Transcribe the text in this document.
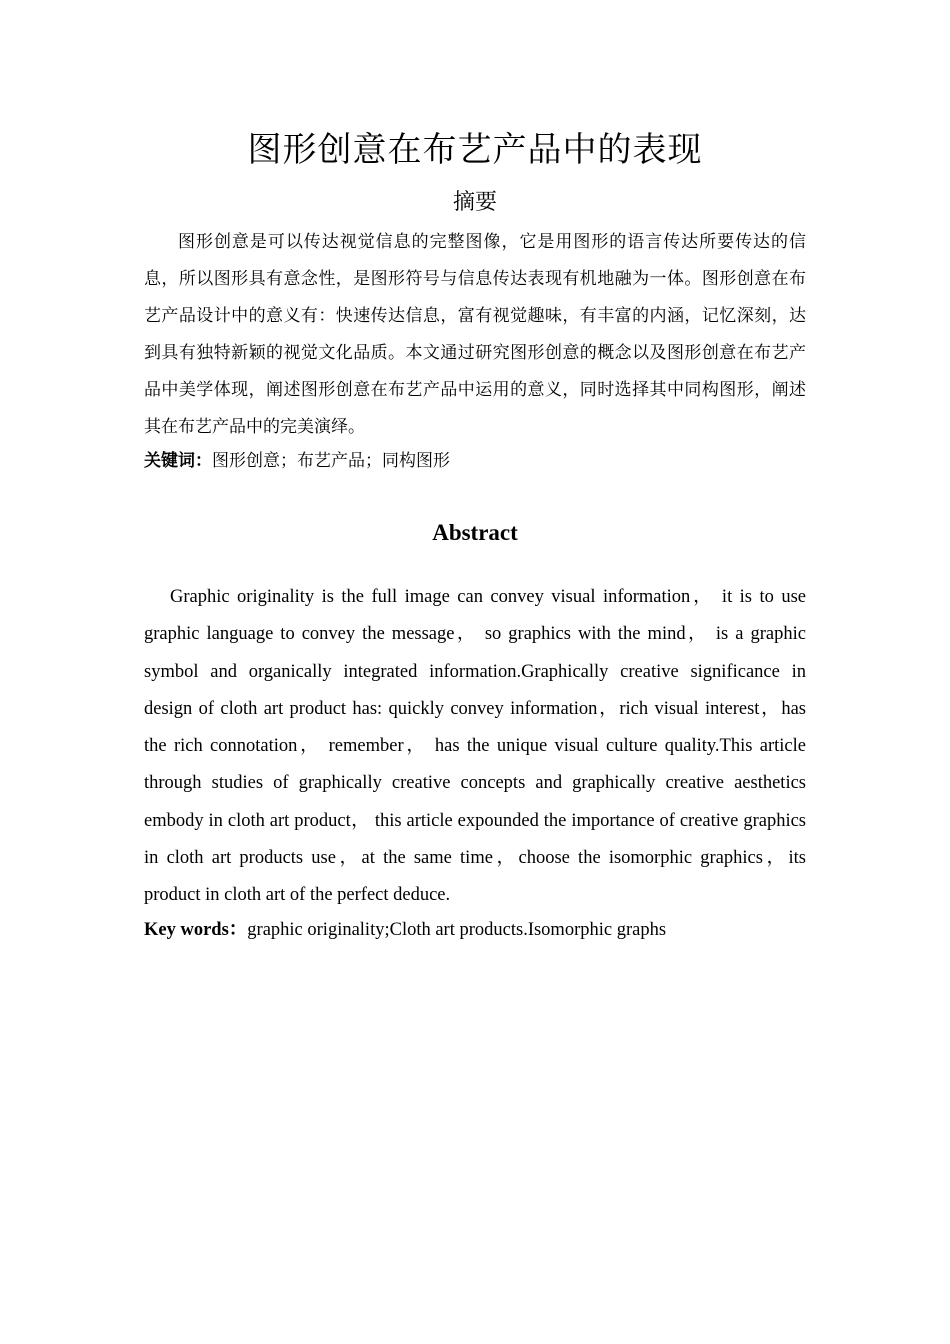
图形创意在布艺产品中的表现
摘要

图形创意是可以传达视觉信息的完整图像，它是用图形的语言传达所要传达的信息，所以图形具有意念性，是图形符号与信息传达表现有机地融为一体。图形创意在布艺产品设计中的意义有：快速传达信息，富有视觉趣味，有丰富的内涵，记忆深刻，达到具有独特新颖的视觉文化品质。本文通过研究图形创意的概念以及图形创意在布艺产品中美学体现，阐述图形创意在布艺产品中运用的意义，同时选择其中同构图形，阐述其在布艺产品中的完美演绎。

关键词：图形创意；布艺产品；同构图形

Abstract

Graphic originality is the full image can convey visual information， it is to use graphic language to convey the message， so graphics with the mind， is a graphic symbol and organically integrated information.Graphically creative significance in design of cloth art product has: quickly convey information，rich visual interest，has the rich connotation， remember， has the unique visual culture quality.This article through studies of graphically creative concepts and graphically creative aesthetics embody in cloth art product， this article expounded the importance of creative graphics in cloth art products use，at the same time，choose the isomorphic graphics，its product in cloth art of the perfect deduce.

Key words：graphic originality;Cloth art products.Isomorphic graphs
